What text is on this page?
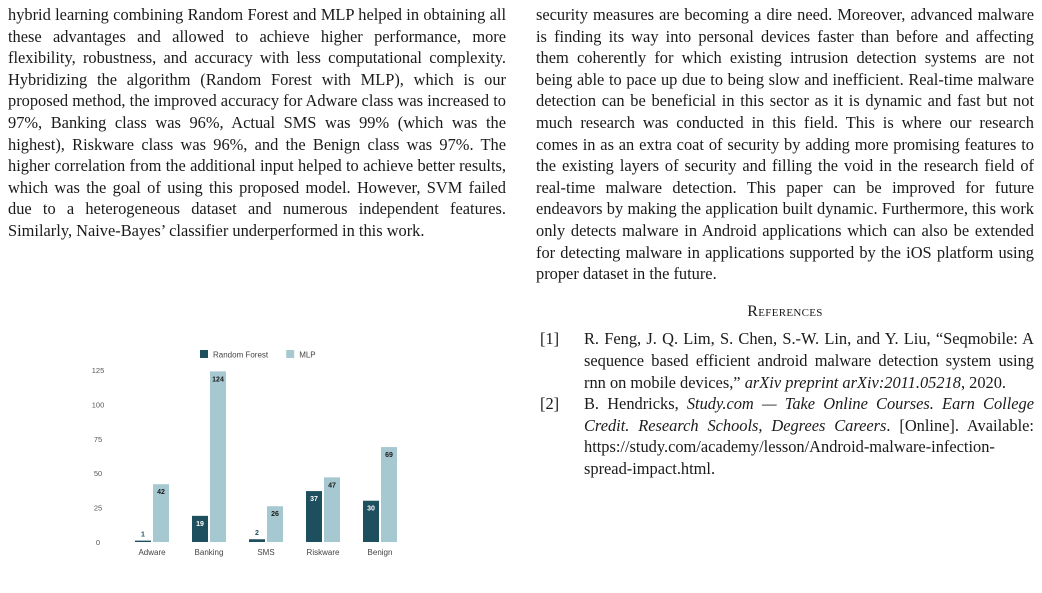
hybrid learning combining Random Forest and MLP helped in obtaining all these advantages and allowed to achieve higher performance, more flexibility, robustness, and accuracy with less computational complexity. Hybridizing the algorithm (Random Forest with MLP), which is our proposed method, the improved accuracy for Adware class was increased to 97%, Banking class was 96%, Actual SMS was 99% (which was the highest), Riskware class was 96%, and the Benign class was 97%. The higher correlation from the additional input helped to achieve better results, which was the goal of using this proposed model. However, SVM failed due to a heterogeneous dataset and numerous independent features. Similarly, Naive-Bayes’ classifier underperformed in this work.

Random Forest	MLP
0
25
50
75
100
125
1
42
19
124
2
26
37
47
30
69
Adware	Banking	SMS	Riskware	Benign

security measures are becoming a dire need. Moreover, advanced malware is finding its way into personal devices faster than before and affecting them coherently for which existing intrusion detection systems are not being able to pace up due to being slow and inefficient. Real-time malware detection can be beneficial in this sector as it is dynamic and fast but not much research was conducted in this field. This is where our research comes in as an extra coat of security by adding more promising features to the existing layers of security and filling the void in the research field of real-time malware detection. This paper can be improved for future endeavors by making the application built dynamic. Furthermore, this work only detects malware in Android applications which can also be extended for detecting malware in applications supported by the iOS platform using proper dataset in the future.

References
[1]	R. Feng, J. Q. Lim, S. Chen, S.-W. Lin, and Y. Liu, “Seqmobile: A sequence based efficient android malware detection system using rnn on mobile devices,” arXiv preprint arXiv:2011.05218, 2020.
[2]	B. Hendricks, Study.com — Take Online Courses. Earn College Credit. Research Schools, Degrees Careers. [Online]. Available: https://study.com/academy/lesson/Android-malware-infection-spread-impact.html.
